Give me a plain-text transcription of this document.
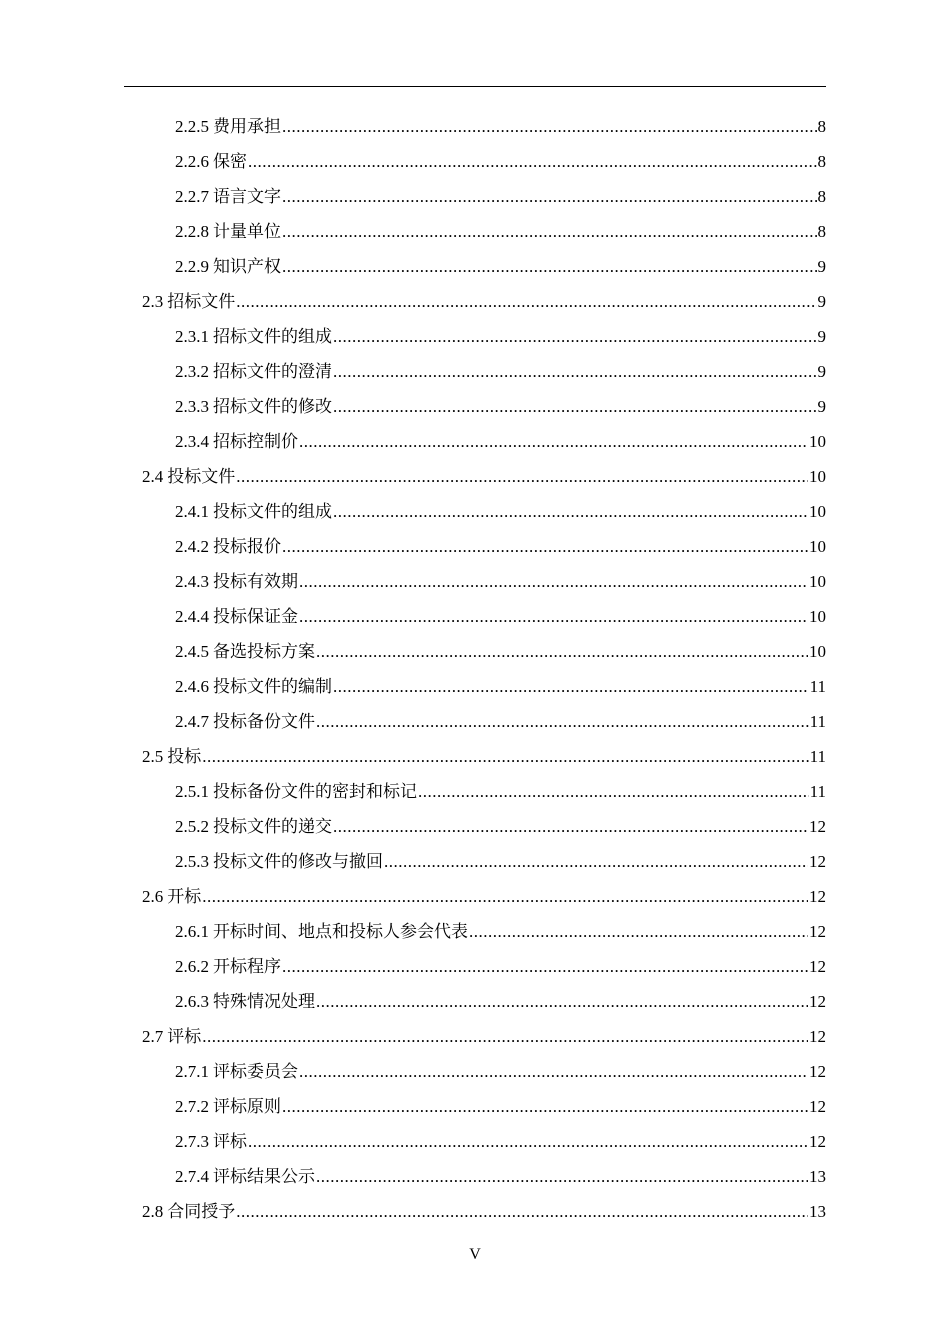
2.2.5 费用承担 .....	8
2.2.6 保密 .....	8
2.2.7 语言文字 .....	8
2.2.8 计量单位 .....	8
2.2.9 知识产权 .....	9
2.3 招标文件 .....	9
2.3.1 招标文件的组成 .....	9
2.3.2 招标文件的澄清 .....	9
2.3.3 招标文件的修改 .....	9
2.3.4 招标控制价 .....	10
2.4 投标文件 .....	10
2.4.1 投标文件的组成 .....	10
2.4.2 投标报价 .....	10
2.4.3 投标有效期 .....	10
2.4.4 投标保证金 .....	10
2.4.5 备选投标方案 .....	10
2.4.6 投标文件的编制 .....	11
2.4.7 投标备份文件 .....	11
2.5 投标 .....	11
2.5.1 投标备份文件的密封和标记 .....	11
2.5.2 投标文件的递交 .....	12
2.5.3 投标文件的修改与撤回 .....	12
2.6 开标 .....	12
2.6.1 开标时间、地点和投标人参会代表 .....	12
2.6.2 开标程序 .....	12
2.6.3 特殊情况处理 .....	12
2.7 评标 .....	12
2.7.1 评标委员会 .....	12
2.7.2 评标原则 .....	12
2.7.3 评标 .....	12
2.7.4 评标结果公示 .....	13
2.8 合同授予 .....	13
V
